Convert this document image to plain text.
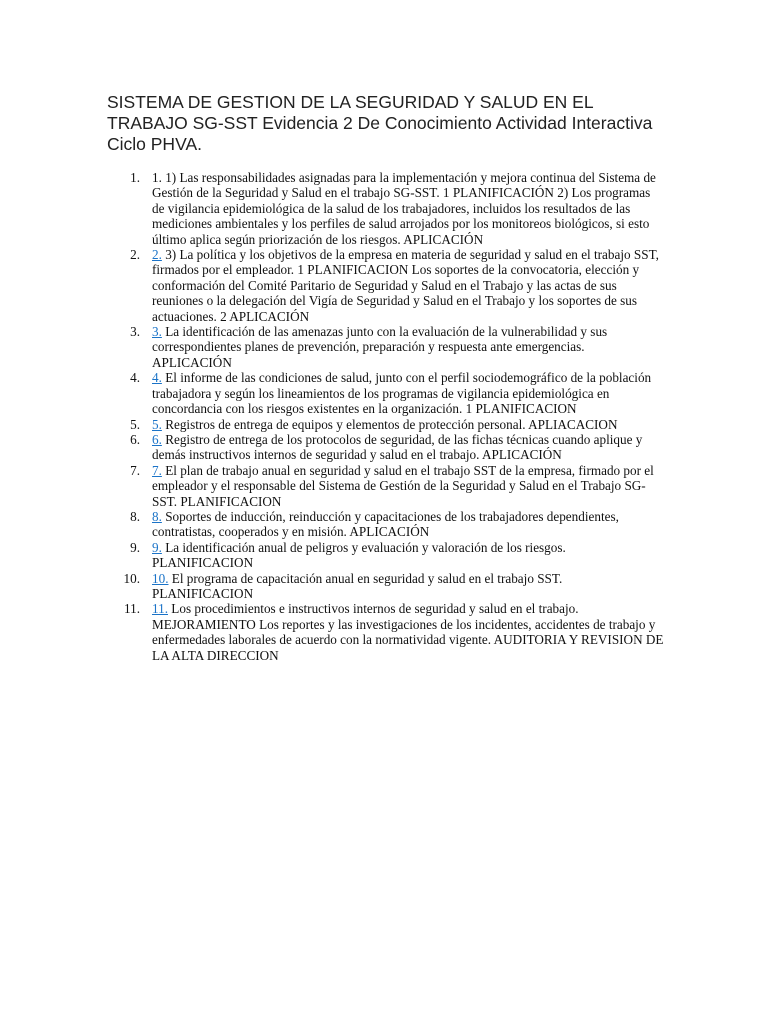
SISTEMA DE GESTION DE LA SEGURIDAD Y SALUD EN EL TRABAJO SG-SST Evidencia 2 De Conocimiento Actividad Interactiva Ciclo PHVA.
1. 1. 1) Las responsabilidades asignadas para la implementación y mejora continua del Sistema de Gestión de la Seguridad y Salud en el trabajo SG-SST. 1 PLANIFICACIÓN 2) Los programas de vigilancia epidemiológica de la salud de los trabajadores, incluidos los resultados de las mediciones ambientales y los perfiles de salud arrojados por los monitoreos biológicos, si esto último aplica según priorización de los riesgos. APLICACIÓN
2. 2. 3) La política y los objetivos de la empresa en materia de seguridad y salud en el trabajo SST, firmados por el empleador. 1 PLANIFICACION Los soportes de la convocatoria, elección y conformación del Comité Paritario de Seguridad y Salud en el Trabajo y las actas de sus reuniones o la delegación del Vigía de Seguridad y Salud en el Trabajo y los soportes de sus actuaciones. 2 APLICACIÓN
3. 3. La identificación de las amenazas junto con la evaluación de la vulnerabilidad y sus correspondientes planes de prevención, preparación y respuesta ante emergencias. APLICACIÓN
4. 4. El informe de las condiciones de salud, junto con el perfil sociodemográfico de la población trabajadora y según los lineamientos de los programas de vigilancia epidemiológica en concordancia con los riesgos existentes en la organización. 1 PLANIFICACION
5. 5. Registros de entrega de equipos y elementos de protección personal. APLIACACION
6. 6. Registro de entrega de los protocolos de seguridad, de las fichas técnicas cuando aplique y demás instructivos internos de seguridad y salud en el trabajo. APLICACIÓN
7. 7. El plan de trabajo anual en seguridad y salud en el trabajo SST de la empresa, firmado por el empleador y el responsable del Sistema de Gestión de la Seguridad y Salud en el Trabajo SG-SST. PLANIFICACION
8. 8. Soportes de inducción, reinducción y capacitaciones de los trabajadores dependientes, contratistas, cooperados y en misión. APLICACIÓN
9. 9. La identificación anual de peligros y evaluación y valoración de los riesgos. PLANIFICACION
10. 10. El programa de capacitación anual en seguridad y salud en el trabajo SST. PLANIFICACION
11. 11. Los procedimientos e instructivos internos de seguridad y salud en el trabajo. MEJORAMIENTO Los reportes y las investigaciones de los incidentes, accidentes de trabajo y enfermedades laborales de acuerdo con la normatividad vigente. AUDITORIA Y REVISION DE LA ALTA DIRECCION
